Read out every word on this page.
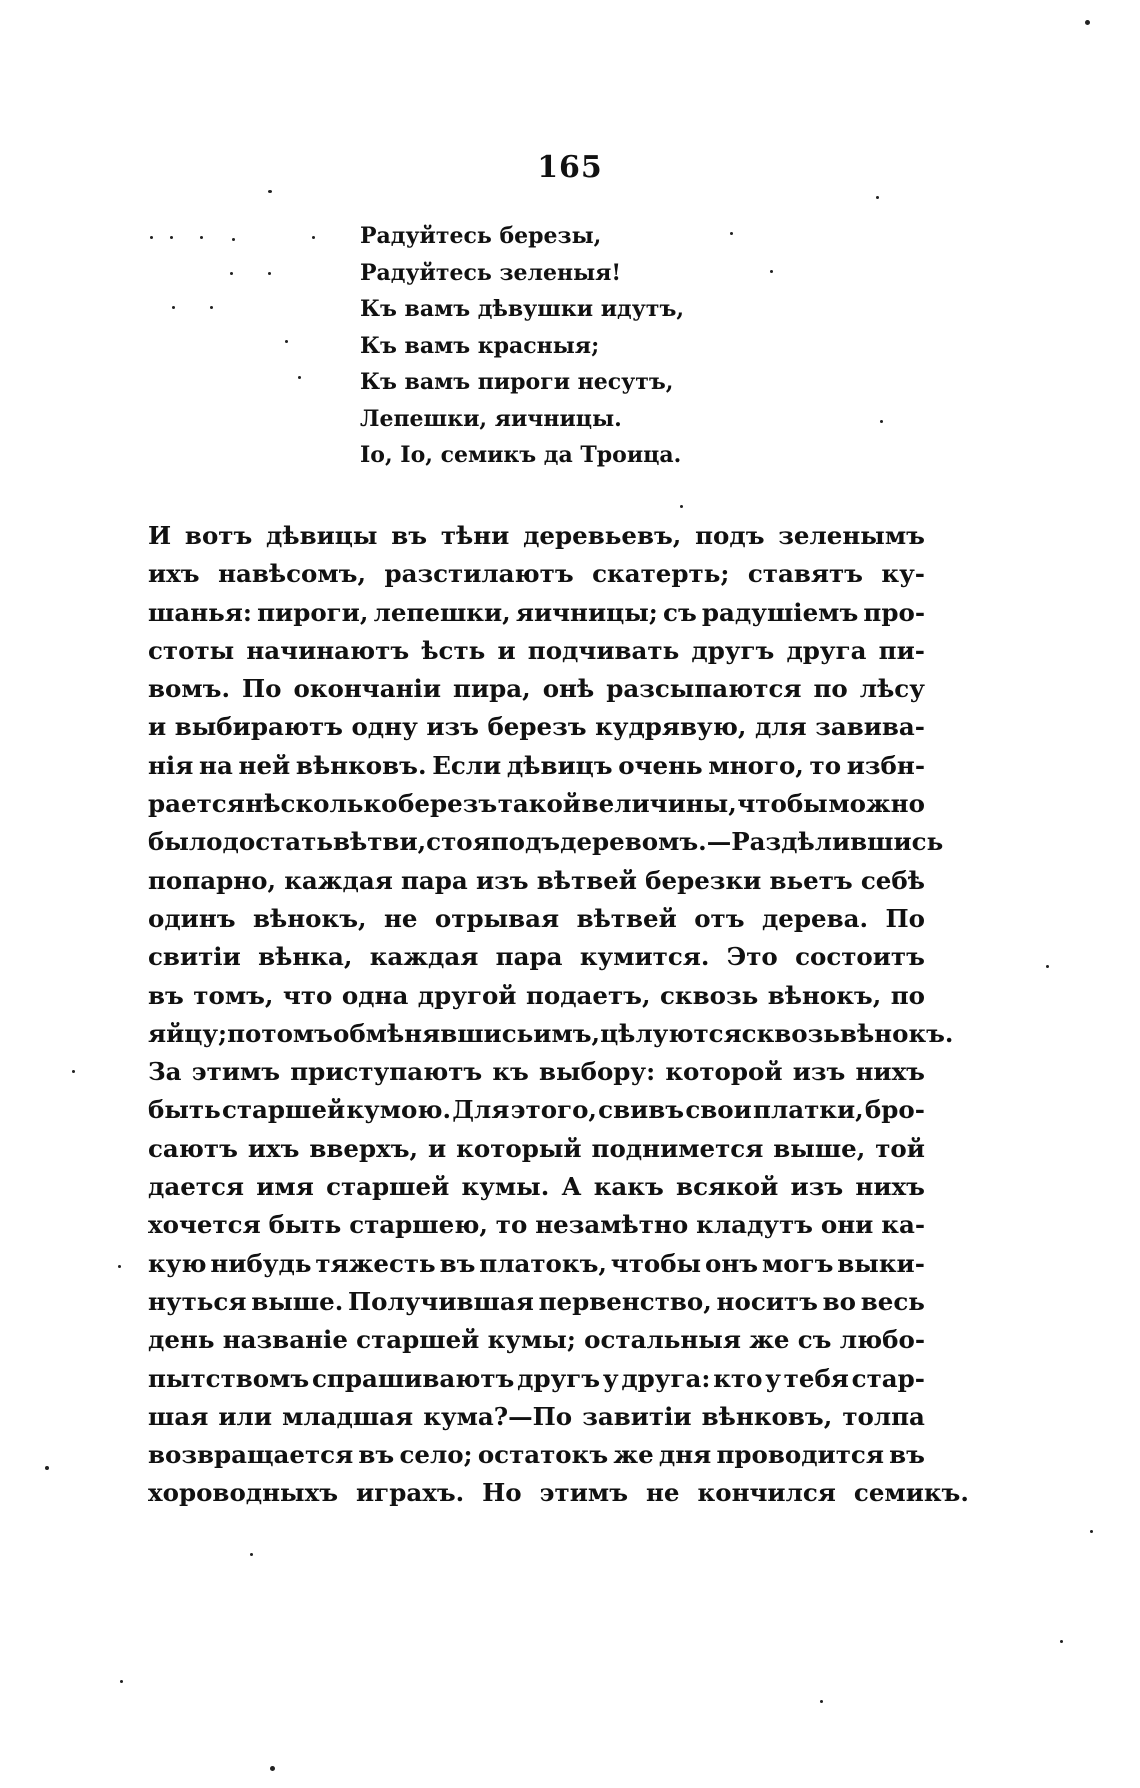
165
Радуйтесь березы,
Радуйтесь зеленыя!
Къ вамъ дѣвушки идутъ,
Къ вамъ красныя;
Къ вамъ пироги несутъ,
Лепешки, яичницы.
Іо, Іо, семикъ да Троица.
И вотъ дѣвицы въ тѣни деревьевъ, подъ зеленымъ
ихъ навѣсомъ, разстилаютъ скатерть; ставятъ ку-
шанья: пироги, лепешки, яичницы; съ радушіемъ про-
стоты начинаютъ ѣсть и подчивать другъ друга пи-
вомъ. По окончаніи пира, онѣ разсыпаются по лѣсу
и выбираютъ одну изъ березъ кудрявую, для завива-
нія на ней вѣнковъ. Если дѣвицъ очень много, то избн-
рается нѣсколько березъ такой величины, чтобы можно
было достать вѣтви, стоя подъ деревомъ.—Раздѣлившись
попарно, каждая пара изъ вѣтвей березки вьетъ себѣ
одинъ вѣнокъ, не отрывая вѣтвей отъ дерева. По
свитіи вѣнка, каждая пара кумится. Это состоитъ
въ томъ, что одна другой подаетъ, сквозь вѣнокъ, по
яйцу; потомъ обмѣнявшись имъ, цѣлуются сквозь вѣнокъ.
За этимъ приступаютъ къ выбору: которой изъ нихъ
быть старшей кумою. Для этого, свивъ свои платки, бро-
саютъ ихъ вверхъ, и который поднимется выше, той
дается имя старшей кумы. А какъ всякой изъ нихъ
хочется быть старшею, то незамѣтно кладутъ они ка-
кую нибудь тяжесть въ платокъ, чтобы онъ могъ выки-
нуться выше. Получившая первенство, носитъ во весь
день названіе старшей кумы; остальныя же съ любо-
пытствомъ спрашиваютъ другъ у друга: кто у тебя стар-
шая или младшая кума?—По завитіи вѣнковъ, толпа
возвращается въ село; остатокъ же дня проводится въ
хороводныхъ играхъ. Но этимъ не кончился семикъ.
